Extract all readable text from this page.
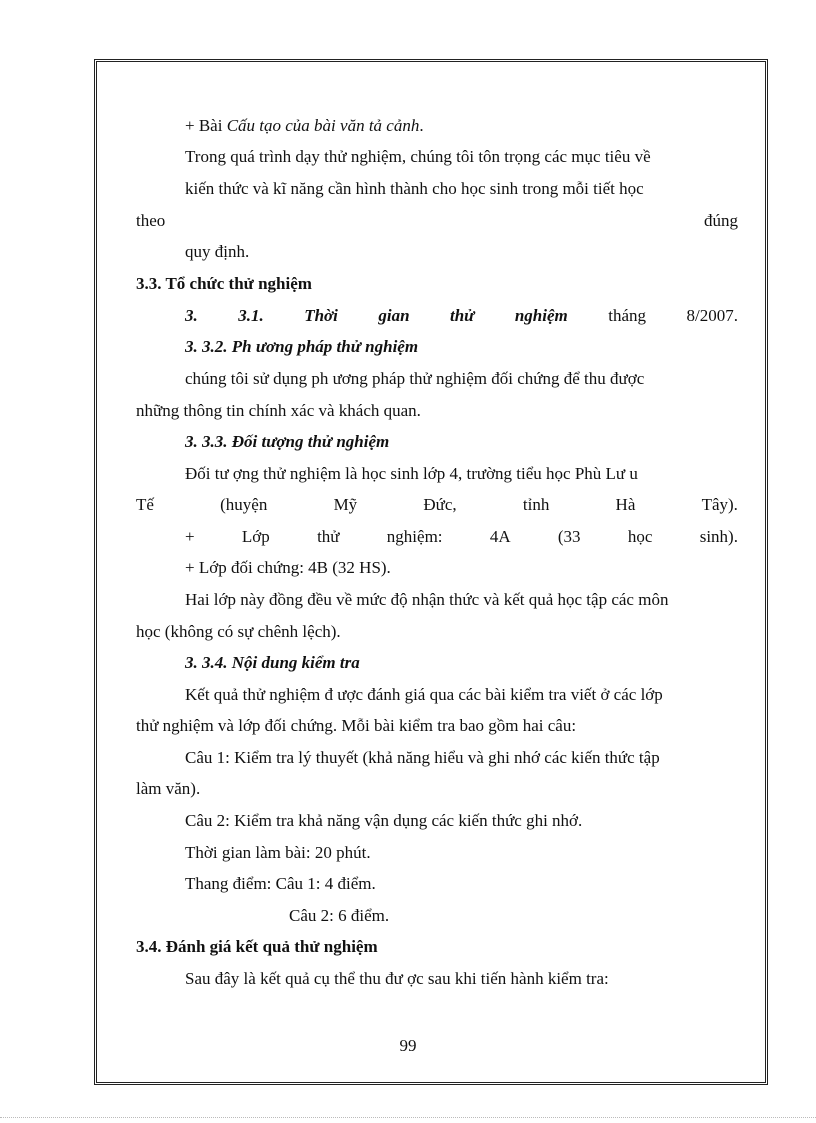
+ Bài Cấu tạo của bài văn tả cảnh.
Trong quá trình dạy thử nghiệm, chúng tôi tôn trọng các mục tiêu về
kiến thức và kĩ năng cần hình thành cho học sinh trong mỗi tiết học
theo	đúng
quy định.
3.3. Tổ chức thử nghiệm
3. 3.1. Thời gian thử nghiệm tháng 8/2007.
3. 3.2. Ph ương pháp thử nghiệm
chúng tôi sử dụng ph ương pháp thử nghiệm đối chứng để thu được
những thông tin chính xác và khách quan.
3. 3.3. Đối tượng thử nghiệm
Đối tư ợng thử nghiệm là học sinh lớp 4, trường tiểu học Phù Lư u
Tế	(huyện	Mỹ	Đức,	tỉnh	Hà	Tây).
+	Lớp	thử	nghiệm:	4A	(33	học	sinh).
+ Lớp đối chứng: 4B (32 HS).
Hai lớp này đồng đều về mức độ nhận thức và kết quả học tập các môn
học (không có sự chênh lệch).
3. 3.4. Nội dung kiểm tra
Kết quả thử nghiệm đ ược đánh giá qua các bài kiểm tra viết ở các lớp
thử nghiệm và lớp đối chứng. Mỗi bài kiểm tra bao gồm hai câu:
Câu 1: Kiểm tra lý thuyết (khả năng hiểu và ghi nhớ các kiến thức tập
làm văn).
Câu 2: Kiểm tra khả năng vận dụng các kiến thức ghi nhớ.
Thời gian làm bài: 20 phút.
Thang điểm: Câu 1: 4 điểm.
Câu 2: 6 điểm.
3.4. Đánh giá kết quả thử nghiệm
Sau đây là kết quả cụ thể thu đư ợc sau khi tiến hành kiểm tra:
99
